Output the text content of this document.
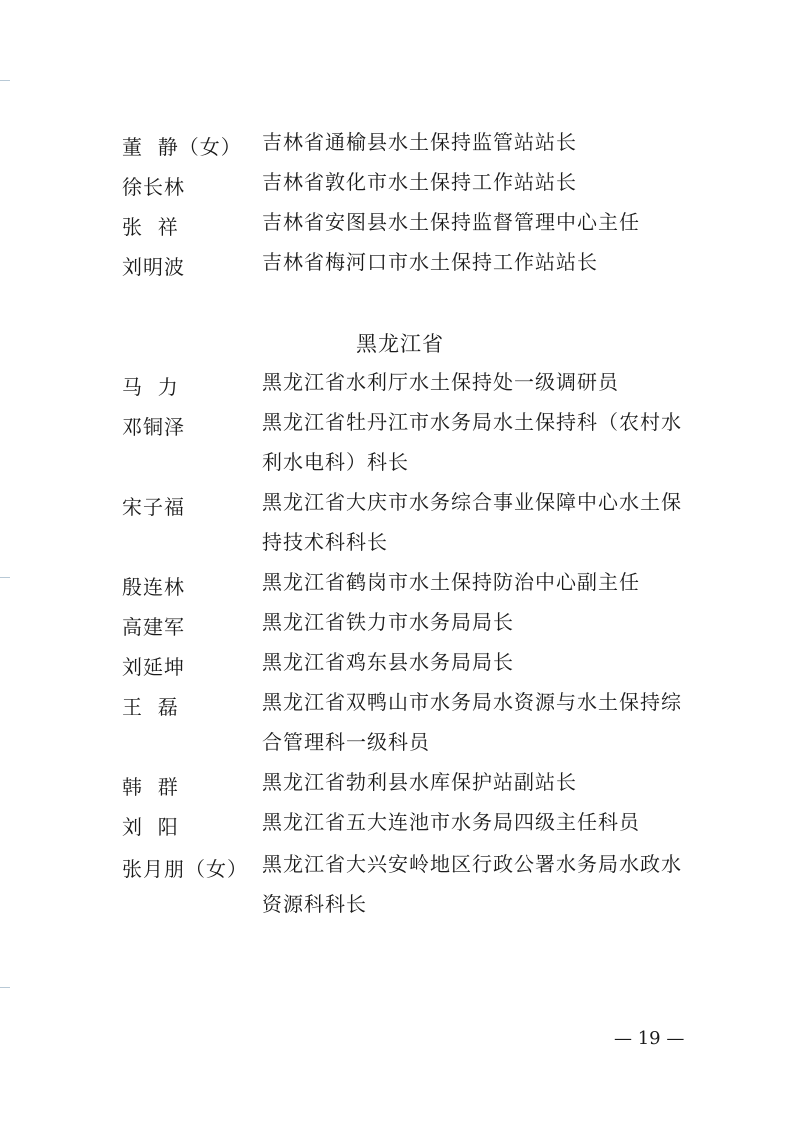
董  静（女） 吉林省通榆县水土保持监管站站长
徐长林	吉林省敦化市水土保持工作站站长
张  祥	吉林省安图县水土保持监督管理中心主任
刘明波	吉林省梅河口市水土保持工作站站长
黑龙江省
马  力	黑龙江省水利厅水土保持处一级调研员
邓铜泽	黑龙江省牡丹江市水务局水土保持科（农村水利水电科）科长
宋子福	黑龙江省大庆市水务综合事业保障中心水土保持技术科科长
殷连林	黑龙江省鹤岗市水土保持防治中心副主任
高建军	黑龙江省铁力市水务局局长
刘延坤	黑龙江省鸡东县水务局局长
王  磊	黑龙江省双鸭山市水务局水资源与水土保持综合管理科一级科员
韩  群	黑龙江省勃利县水库保护站副站长
刘  阳	黑龙江省五大连池市水务局四级主任科员
张月朋（女） 黑龙江省大兴安岭地区行政公署水务局水政水资源科科长
— 19 —
